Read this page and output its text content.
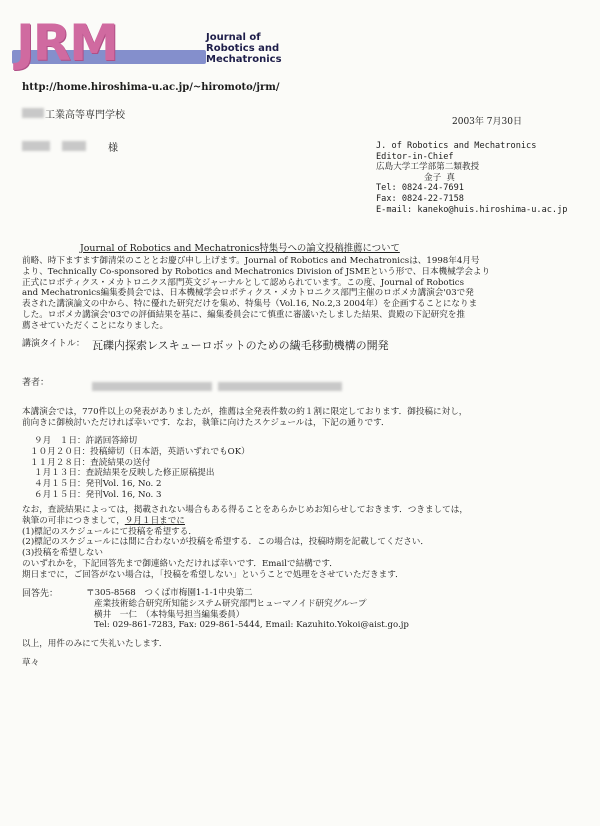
JRM	Journal of
Robotics and
Mechatronics
http://home.hiroshima-u.ac.jp/~hiromoto/jrm/
工業高等専門学校
様
2003年 7月30日
J. of Robotics and Mechatronics
Editor-in-Chief
広島大学工学部第二類教授
金子 真
Tel: 0824-24-7691
Fax: 0824-22-7158
E-mail: kaneko@huis.hiroshima-u.ac.jp
Journal of Robotics and Mechatronics特集号への論文投稿推薦について
前略、時下ますます御清栄のこととお慶び申し上げます。Journal of Robotics and Mechatronicsは、1998年4月号
より、Technically Co-sponsored by Robotics and Mechatronics Division of JSMEという形で、日本機械学会より
正式にロボティクス・メカトロニクス部門英文ジャーナルとして認められています。この度、Journal of Robotics
and Mechatronics編集委員会では、日本機械学会ロボティクス・メカトロニクス部門主催のロボメカ講演会'03で発
表された講演論文の中から、特に優れた研究だけを集め、特集号（Vol.16, No.2,3 2004年）を企画することになりま
した。ロボメカ講演会'03での評価結果を基に、編集委員会にて慎重に審議いたしました結果、貴殿の下記研究を推
薦させていただくことになりました。
講演タイトル： 瓦礫内探索レスキューロボットのための繊毛移動機構の開発
著者：
本講演会では，770件以上の発表がありましたが，推薦は全発表件数の約１割に限定しております．御投稿に対し，
前向きに御検討いただければ幸いです．なお，執筆に向けたスケジュールは，下記の通りです．
９月　１日：許諾回答締切
１０月２０日：投稿締切（日本語，英語いずれでもOK）
１１月２８日：査読結果の送付
１月１３日：査読結果を反映した修正原稿提出
４月１５日：発刊Vol. 16, No. 2
６月１５日：発刊Vol. 16, No. 3
なお，査読結果によっては，掲載されない場合もある得ることをあらかじめお知らせしておきます．つきましては，
執筆の可非につきまして，９月１日までに
(1)標記のスケジュールにて投稿を希望する．
(2)標記のスケジュールには間に合わないが投稿を希望する．この場合は，投稿時期を記載してください．
(3)投稿を希望しない
のいずれかを，下記回答先まで御連絡いただければ幸いです．Emailで結構です．
期日までに，ご回答がない場合は，「投稿を希望しない」ということで処理をさせていただきます．
回答先：	〒305-8568　つくば市梅園1-1-1中央第二
産業技術総合研究所知能システム研究部門ヒューマノイド研究グループ
横井　一仁　（本特集号担当編集委員）
Tel: 029-861-7283, Fax: 029-861-5444, Email: Kazuhito.Yokoi@aist.go.jp
以上，用件のみにて失礼いたします．
草々
